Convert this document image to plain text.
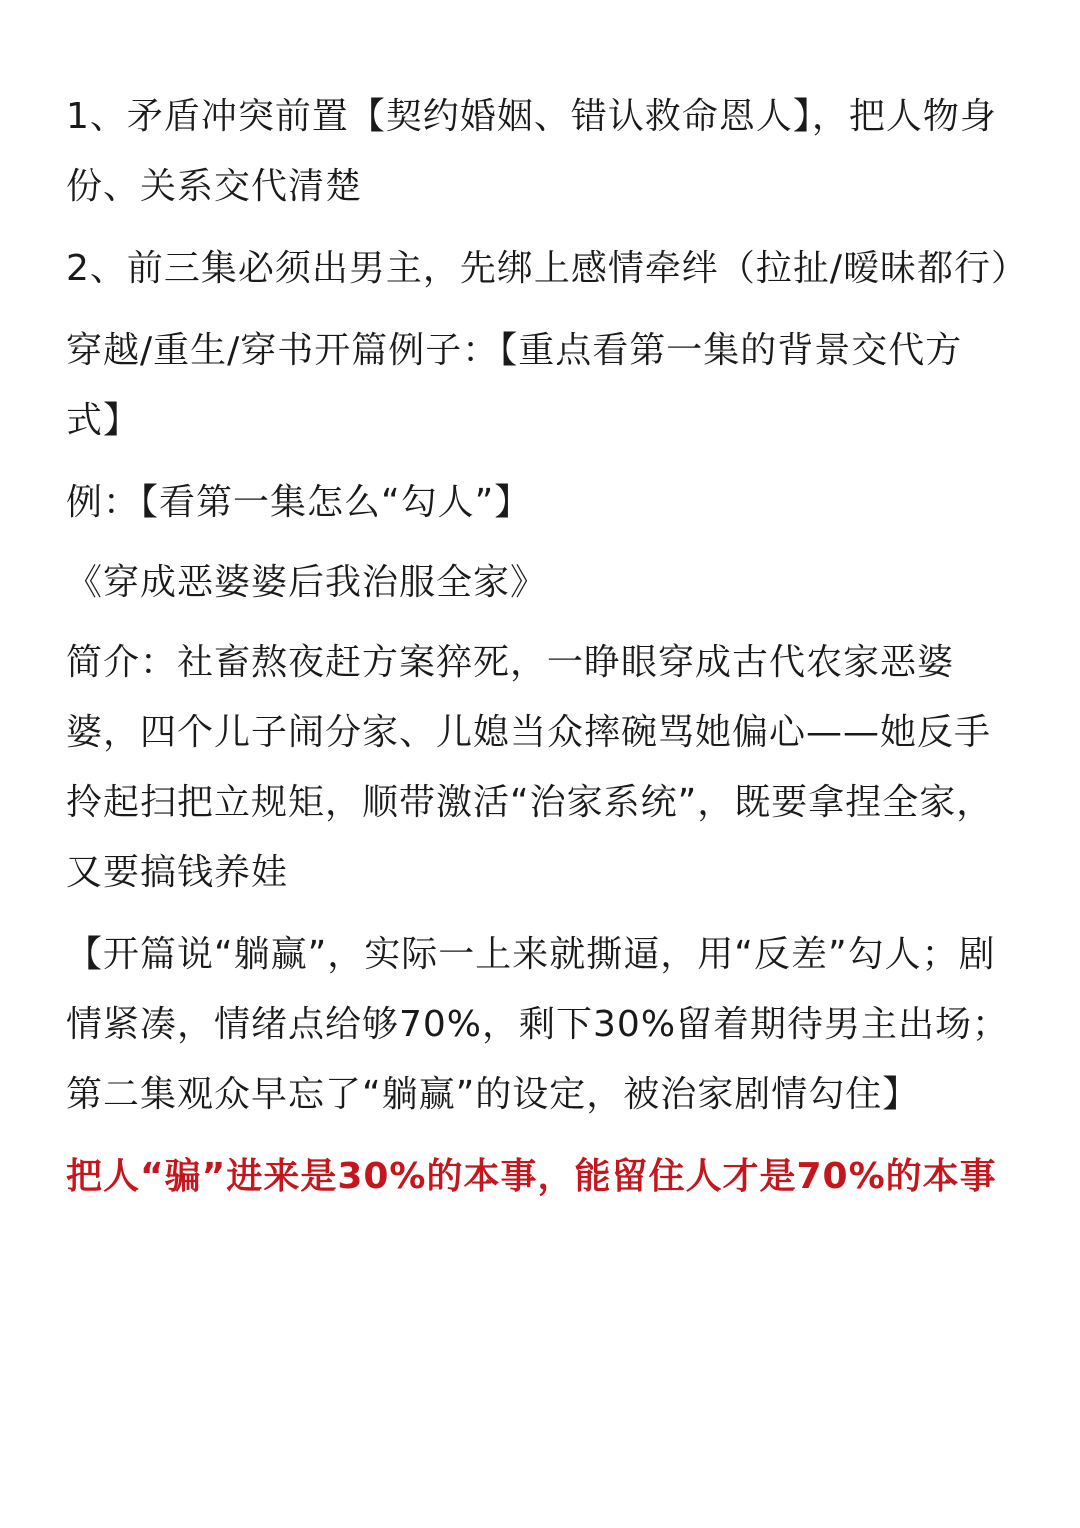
1、矛盾冲突前置【契约婚姻、错认救命恩人】，把人物身份、关系交代清楚

2、前三集必须出男主，先绑上感情牵绊（拉扯/暧昧都行）

穿越/重生/穿书开篇例子：【重点看第一集的背景交代方式】

例：【看第一集怎么“勾人”】

《穿成恶婆婆后我治服全家》

简介：社畜熬夜赶方案猝死，一睁眼穿成古代农家恶婆婆，四个儿子闹分家、儿媳当众摔碗骂她偏心——她反手拎起扫把立规矩，顺带激活“治家系统”，既要拿捏全家，又要搞钱养娃

【开篇说“躺赢”，实际一上来就撕逼，用“反差”勾人；剧情紧凑，情绪点给够70%，剩下30%留着期待男主出场；第二集观众早忘了“躺赢”的设定，被治家剧情勾住】

把人“骗”进来是30%的本事，能留住人才是70%的本事
